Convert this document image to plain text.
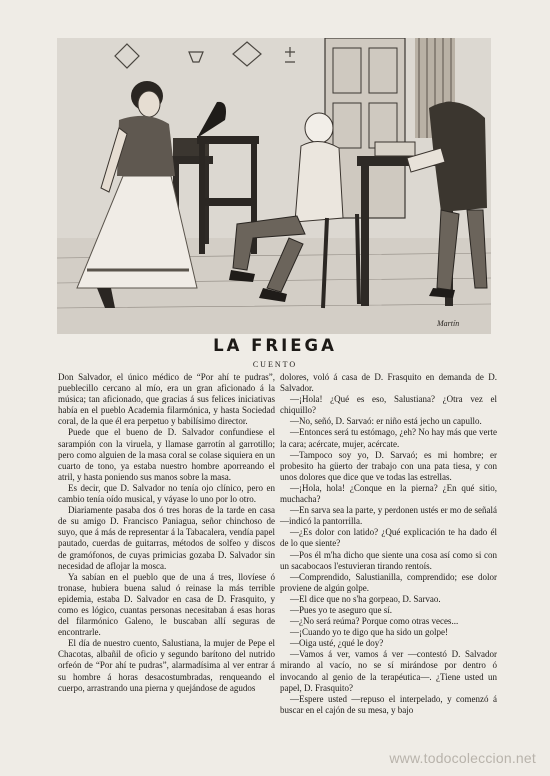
Martín
LA FRIEGA
CUENTO

Don Salvador, el único médico de “Por ahí te pudras”, pueblecillo cercano al mío, era un gran aficionado á la música; tan aficionado, que gracias á sus felices iniciativas había en el pueblo Academia filarmónica, y hasta Sociedad coral, de la que él era perpetuo y babilísimo director.

Puede que el bueno de D. Salvador confundiese el sarampión con la viruela, y llamase garrotín al garrotillo; pero como alguien de la masa coral se colase siquiera en un cuarto de tono, ya estaba nuestro hombre aporreando el atril, y hasta poniendo sus manos sobre la masa.

Es decir, que D. Salvador no tenía ojo clínico, pero en cambio tenía oído musical, y váyase lo uno por lo otro.

Diariamente pasaba dos ó tres horas de la tarde en casa de su amigo D. Francisco Paniagua, señor chinchoso de suyo, que á más de representar á la Tabacalera, vendía papel pautado, cuerdas de guitarras, métodos de solfeo y discos de gramófonos, de cuyas primicias gozaba D. Salvador sin necesidad de aflojar la mosca.

Ya sabían en el pueblo que de una á tres, llovíese ó tronase, hubiera buena salud ó reinase la más terrible epidemia, estaba D. Salvador en casa de D. Frasquito, y como es lógico, cuantas personas necesitaban á esas horas del filarmónico Galeno, le buscaban allí seguras de encontrarle.

El día de nuestro cuento, Salustiana, la mujer de Pepe el Chacotas, albañil de oficio y segundo barítono del nutrido orfeón de “Por ahí te pudras”, alarmadísima al ver entrar á su hombre á horas desacostumbradas, renqueando el cuerpo, arrastrando una pierna y quejándose de agudos

dolores, voló á casa de D. Frasquito en demanda de D. Salvador.

—¡Hola! ¿Qué es eso, Salustiana? ¿Otra vez el chiquillo?

—No, señó, D. Sarvaó: er niño está jecho un capullo.

—Entonces será tu estómago, ¿eh? No hay más que verte la cara; acércate, mujer, acércate.

—Tampoco soy yo, D. Sarvaó; es mi hombre; er probesito ha güerto der trabajo con una pata tiesa, y con unos dolores que dice que ve todas las estrellas.

—¡Hola, hola! ¿Conque en la pierna? ¿En qué sitio, muchacha?

—En sarva sea la parte, y perdonen ustés er mo de señalá —indicó la pantorrilla.

—¿Es dolor con latido? ¿Qué explicación te ha dado él de lo que siente?

—Pos él m'ha dicho que siente una cosa así como si con un sacabocaos l'estuvieran tirando rentoís.

—Comprendido, Salustianilla, comprendido; ese dolor proviene de algún golpe.

—El dice que no s'ha gorpeao, D. Sarvao.

—Pues yo te aseguro que sí.

—¿No será reúma? Porque como otras veces...

—¡Cuando yo te digo que ha sido un golpe!

—Oiga usté, ¿qué le doy?

—Vamos á ver, vamos á ver —contestó D. Salvador mirando al vacío, no se sí mirándose por dentro ó invocando al genio de la terapéutica—. ¿Tiene usted un papel, D. Frasquito?

—Espere usted —repuso el interpelado, y comenzó á buscar en el cajón de su mesa, y bajo

www.todocoleccion.net
